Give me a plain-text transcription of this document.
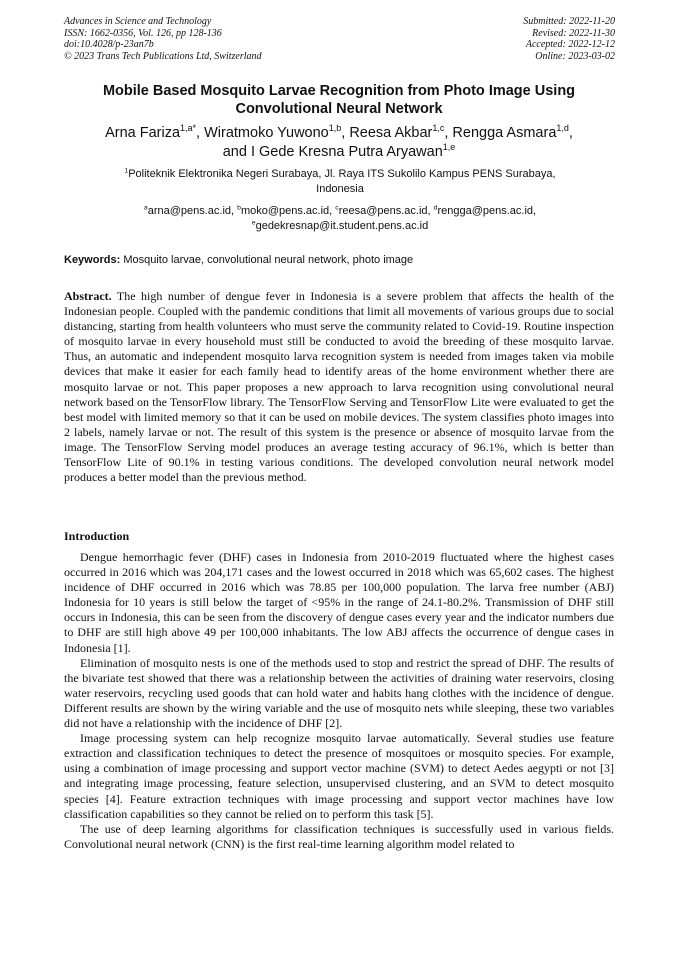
Advances in Science and Technology
ISSN: 1662-0356, Vol. 126, pp 128-136
doi:10.4028/p-23an7b
© 2023 Trans Tech Publications Ltd, Switzerland
Submitted: 2022-11-20
Revised: 2022-11-30
Accepted: 2022-12-12
Online: 2023-03-02
Mobile Based Mosquito Larvae Recognition from Photo Image Using
Convolutional Neural Network
Arna Fariza$^{1,a*}$, Wiratmoko Yuwono$^{1,b}$, Reesa Akbar$^{1,c}$, Rengga Asmara$^{1,d}$,
and I Gede Kresna Putra Aryawan$^{1,e}$
$^1$Politeknik Elektronika Negeri Surabaya, Jl. Raya ITS Sukolilo Kampus PENS Surabaya,
Indonesia
$^a$arna@pens.ac.id, $^b$moko@pens.ac.id, $^c$reesa@pens.ac.id, $^d$rengga@pens.ac.id,
$^e$gedekresnap@it.student.pens.ac.id
Keywords: Mosquito larvae, convolutional neural network, photo image
Abstract. The high number of dengue fever in Indonesia is a severe problem that affects the health of the Indonesian people. Coupled with the pandemic conditions that limit all movements of various groups due to social distancing, starting from health volunteers who must serve the community related to Covid-19. Routine inspection of mosquito larvae in every household must still be conducted to avoid the breeding of these mosquito larvae. Thus, an automatic and independent mosquito larva recognition system is needed from images taken via mobile devices that make it easier for each family head to identify areas of the home environment whether there are mosquito larvae or not. This paper proposes a new approach to larva recognition using convolutional neural network based on the TensorFlow library. The TensorFlow Serving and TensorFlow Lite were evaluated to get the best model with limited memory so that it can be used on mobile devices. The system classifies photo images into 2 labels, namely larvae or not. The result of this system is the presence or absence of mosquito larvae from the image. The TensorFlow Serving model produces an average testing accuracy of 96.1%, which is better than TensorFlow Lite of 90.1% in testing various conditions. The developed convolution neural network model produces a better model than the previous method.
Introduction

Dengue hemorrhagic fever (DHF) cases in Indonesia from 2010-2019 fluctuated where the highest cases occurred in 2016 which was 204,171 cases and the lowest occurred in 2018 which was 65,602 cases. The highest incidence of DHF occurred in 2016 which was 78.85 per 100,000 population. The larva free number (ABJ) Indonesia for 10 years is still below the target of <95% in the range of 24.1-80.2%. Transmission of DHF still occurs in Indonesia, this can be seen from the discovery of dengue cases every year and the indicator numbers due to DHF are still high above 49 per 100,000 inhabitants. The low ABJ affects the occurrence of dengue cases in Indonesia [1].

Elimination of mosquito nests is one of the methods used to stop and restrict the spread of DHF. The results of the bivariate test showed that there was a relationship between the activities of draining water reservoirs, closing water reservoirs, recycling used goods that can hold water and habits hang clothes with the incidence of dengue. Different results are shown by the wiring variable and the use of mosquito nets while sleeping, these two variables did not have a relationship with the incidence of DHF [2].

Image processing system can help recognize mosquito larvae automatically. Several studies use feature extraction and classification techniques to detect the presence of mosquitoes or mosquito species. For example, using a combination of image processing and support vector machine (SVM) to detect Aedes aegypti or not [3] and integrating image processing, feature selection, unsupervised clustering, and an SVM to detect mosquito species [4]. Feature extraction techniques with image processing and support vector machines have low classification capabilities so they cannot be relied on to perform this task [5].

The use of deep learning algorithms for classification techniques is successfully used in various fields. Convolutional neural network (CNN) is the first real-time learning algorithm model related to
